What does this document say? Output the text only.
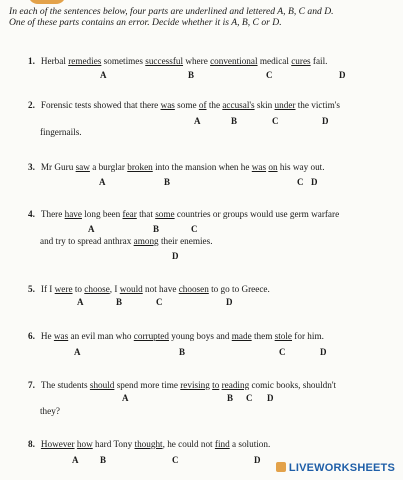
In each of the sentences below, four parts are underlined and lettered A, B, C and D.
One of these parts contains an error. Decide whether it is A, B, C or D.
1. Herbal remedies sometimes successful where conventional medical cures fail.
A	B	C	D
2. Forensic tests showed that there was some of the accusal's skin under the victim's
A	B	C	D
fingernails.
3. Mr Guru saw a burglar broken into the mansion when he was on his way out.
A	B	C D
4. There have long been fear that some countries or groups would use germ warfare
A	B	C
and try to spread anthrax among their enemies.
D
5. If I were to choose, I would not have choosen to go to Greece.
A	B	C	D
6. He was an evil man who corrupted young boys and made them stole for him.
A	B	C	D
7. The students should spend more time revising to reading comic books, shouldn't
A	B C D
they?
8. However how hard Tony thought, he could not find a solution.
A B	C	D
LIVEWORKSHEETS
